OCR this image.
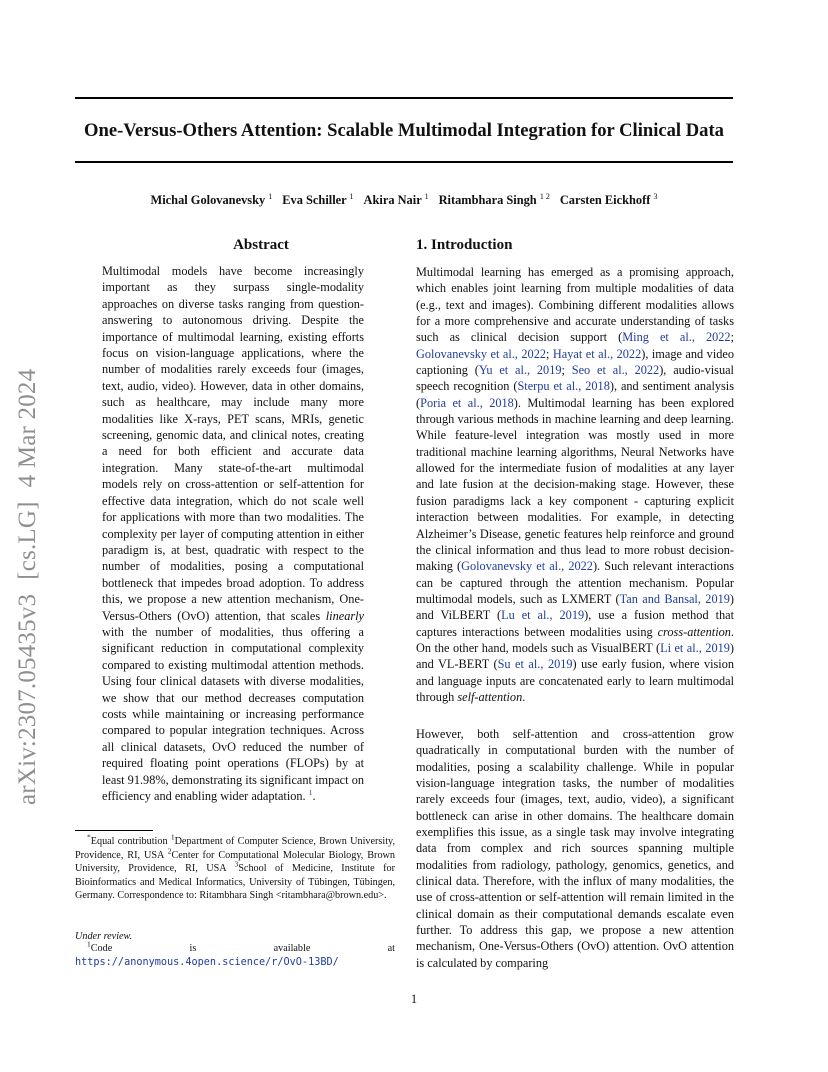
One-Versus-Others Attention: Scalable Multimodal Integration for Clinical Data
Michal Golovanevsky $^1$ Eva Schiller $^1$ Akira Nair $^1$ Ritambhara Singh $^{1 2}$ Carsten Eickhoff $^3$
arXiv:2307.05435v3[cs.LG]4 Mar 2024
Abstract
Multimodal models have become increasingly important as they surpass single-modality approaches on diverse tasks ranging from question-answering to autonomous driving. Despite the importance of multimodal learning, existing efforts focus on vision-language applications, where the number of modalities rarely exceeds four (images, text, audio, video). However, data in other domains, such as healthcare, may include many more modalities like X-rays, PET scans, MRIs, genetic screening, genomic data, and clinical notes, creating a need for both efficient and accurate data integration. Many state-of-the-art multimodal models rely on cross-attention or self-attention for effective data integration, which do not scale well for applications with more than two modalities. The complexity per layer of computing attention in either paradigm is, at best, quadratic with respect to the number of modalities, posing a computational bottleneck that impedes broad adoption. To address this, we propose a new attention mechanism, One-Versus-Others (OvO) attention, that scales linearly with the number of modalities, thus offering a significant reduction in computational complexity compared to existing multimodal attention methods. Using four clinical datasets with diverse modalities, we show that our method decreases computation costs while maintaining or increasing performance compared to popular integration techniques. Across all clinical datasets, OvO reduced the number of required floating point operations (FLOPs) by at least 91.98%, demonstrating its significant impact on efficiency and enabling wider adaptation. $^1$.
1. Introduction
Multimodal learning has emerged as a promising approach, which enables joint learning from multiple modalities of data (e.g., text and images). Combining different modalities allows for a more comprehensive and accurate understanding of tasks such as clinical decision support (Ming et al., 2022; Golovanevsky et al., 2022; Hayat et al., 2022), image and video captioning (Yu et al., 2019; Seo et al., 2022), audio-visual speech recognition (Sterpu et al., 2018), and sentiment analysis (Poria et al., 2018). Multimodal learning has been explored through various methods in machine learning and deep learning. While feature-level integration was mostly used in more traditional machine learning algorithms, Neural Networks have allowed for the intermediate fusion of modalities at any layer and late fusion at the decision-making stage. However, these fusion paradigms lack a key component - capturing explicit interaction between modalities. For example, in detecting Alzheimer’s Disease, genetic features help reinforce and ground the clinical information and thus lead to more robust decision-making (Golovanevsky et al., 2022). Such relevant interactions can be captured through the attention mechanism. Popular multimodal models, such as LXMERT (Tan and Bansal, 2019) and ViLBERT (Lu et al., 2019), use a fusion method that captures interactions between modalities using cross-attention. On the other hand, models such as VisualBERT (Li et al., 2019) and VL-BERT (Su et al., 2019) use early fusion, where vision and language inputs are concatenated early to learn multimodal through self-attention.
However, both self-attention and cross-attention grow quadratically in computational burden with the number of modalities, posing a scalability challenge. While in popular vision-language integration tasks, the number of modalities rarely exceeds four (images, text, audio, video), a significant bottleneck can arise in other domains. The healthcare domain exemplifies this issue, as a single task may involve integrating data from complex and rich sources spanning multiple modalities from radiology, pathology, genomics, genetics, and clinical data. Therefore, with the influx of many modalities, the use of cross-attention or self-attention will remain limited in the clinical domain as their computational demands escalate even further. To address this gap, we propose a new attention mechanism, One-Versus-Others (OvO) attention. OvO attention is calculated by comparing
*Equal contribution $^1$Department of Computer Science, Brown University, Providence, RI, USA $^2$Center for Computational Molecular Biology, Brown University, Providence, RI, USA $^3$School of Medicine, Institute for Bioinformatics and Medical Informatics, University of Tübingen, Tübingen, Germany. Correspondence to: Ritambhara Singh <ritambhara@brown.edu>.
Under review.
$^1$Code is available at https://anonymous.4open.science/r/OvO-13BD/
1
